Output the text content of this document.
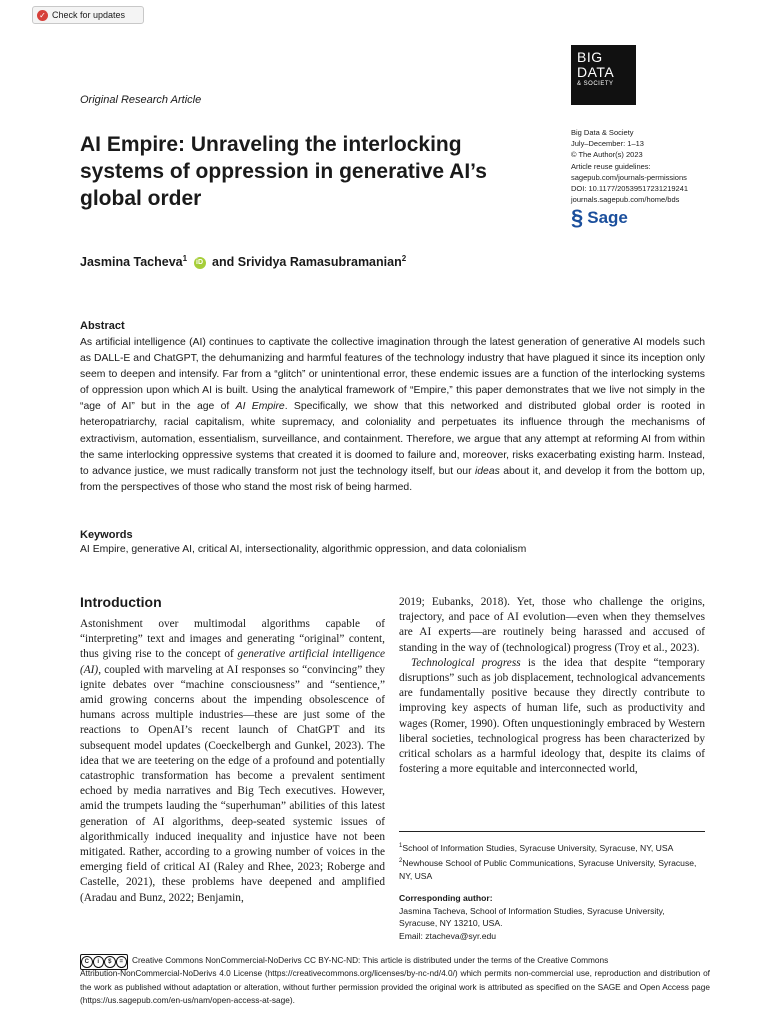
✓ Check for updates
BIG
DATA
& SOCIETY
Original Research Article
AI Empire: Unraveling the interlocking systems of oppression in generative AI’s global order
Big Data & Society
July–December: 1–13
© The Author(s) 2023
Article reuse guidelines:
sagepub.com/journals-permissions
DOI: 10.1177/20539517231219241
journals.sagepub.com/home/bds
§ Sage
Jasmina Tacheva$^1$ iD and Srividya Ramasubramanian$^2$
Abstract
As artificial intelligence (AI) continues to captivate the collective imagination through the latest generation of generative AI models such as DALL-E and ChatGPT, the dehumanizing and harmful features of the technology industry that have plagued it since its inception only seem to deepen and intensify. Far from a “glitch” or unintentional error, these endemic issues are a function of the interlocking systems of oppression upon which AI is built. Using the analytical framework of “Empire,” this paper demonstrates that we live not simply in the “age of AI” but in the age of AI Empire. Specifically, we show that this networked and distributed global order is rooted in heteropatriarchy, racial capitalism, white supremacy, and coloniality and perpetuates its influence through the mechanisms of extractivism, automation, essentialism, surveillance, and containment. Therefore, we argue that any attempt at reforming AI from within the same interlocking oppressive systems that created it is doomed to failure and, moreover, risks exacerbating existing harm. Instead, to advance justice, we must radically transform not just the technology itself, but our ideas about it, and develop it from the bottom up, from the perspectives of those who stand the most risk of being harmed.
Keywords
AI Empire, generative AI, critical AI, intersectionality, algorithmic oppression, and data colonialism
Introduction
Astonishment over multimodal algorithms capable of “interpreting” text and images and generating “original” content, thus giving rise to the concept of generative artificial intelligence (AI), coupled with marveling at AI responses so “convincing” they ignite debates over “machine consciousness” and “sentience,” amid growing concerns about the impending obsolescence of humans across multiple industries—these are just some of the reactions to OpenAI’s recent launch of ChatGPT and its subsequent model updates (Coeckelbergh and Gunkel, 2023). The idea that we are teetering on the edge of a profound and potentially catastrophic transformation has become a prevalent sentiment echoed by media narratives and Big Tech executives. However, amid the trumpets lauding the “superhuman” abilities of this latest generation of AI algorithms, deep-seated systemic issues of algorithmically induced inequality and injustice have not been mitigated. Rather, according to a growing number of voices in the emerging field of critical AI (Raley and Rhee, 2023; Roberge and Castelle, 2021), these problems have deepened and amplified (Aradau and Bunz, 2022; Benjamin,

2019; Eubanks, 2018). Yet, those who challenge the origins, trajectory, and pace of AI evolution—even when they themselves are AI experts—are routinely being harassed and accused of standing in the way of (technological) progress (Troy et al., 2023).

Technological progress is the idea that despite “temporary disruptions” such as job displacement, technological advancements are fundamentally positive because they directly contribute to improving key aspects of human life, such as productivity and wages (Romer, 1990). Often unquestioningly embraced by Western liberal societies, technological progress has been characterized by critical scholars as a harmful ideology that, despite its claims of fostering a more equitable and interconnected world,

$^1$School of Information Studies, Syracuse University, Syracuse, NY, USA
$^2$Newhouse School of Public Communications, Syracuse University, Syracuse, NY, USA
Corresponding author:
Jasmina Tacheva, School of Information Studies, Syracuse University,
Syracuse, NY 13210, USA.
Email: ztacheva@syr.edu
C	i	$	=	Creative Commons NonCommercial-NoDerivs CC BY-NC-ND: This article is distributed under the terms of the Creative Commons
Attribution-NonCommercial-NoDerivs 4.0 License (https://creativecommons.org/licenses/by-nc-nd/4.0/) which permits non-commercial use, reproduction and distribution of the work as published without adaptation or alteration, without further permission provided the original work is attributed as specified on the SAGE and Open Access page (https://us.sagepub.com/en-us/nam/open-access-at-sage).
